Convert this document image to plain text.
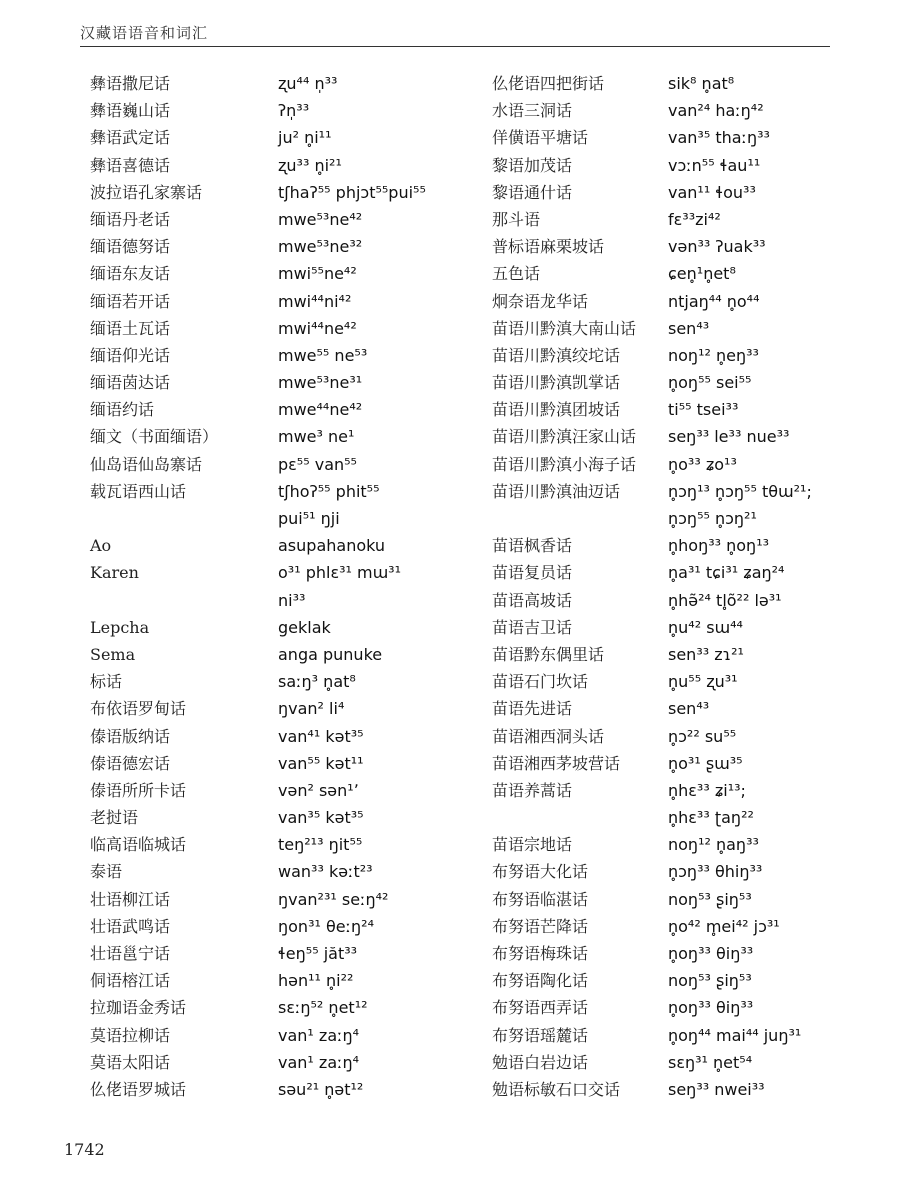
汉藏语语音和词汇
彝语撒尼话	ʐu⁴⁴ n̩³³
彝语巍山话	ʔn̩³³
彝语武定话	ju² n̥i¹¹
彝语喜德话	ʐu³³ n̥i²¹
波拉语孔家寨话	tʃhaʔ⁵⁵ phjɔt⁵⁵pui⁵⁵
缅语丹老话	mwe⁵³ne⁴²
缅语德努话	mwe⁵³ne³²
缅语东友话	mwi⁵⁵ne⁴²
缅语若开话	mwi⁴⁴ni⁴²
缅语土瓦话	mwi⁴⁴ne⁴²
缅语仰光话	mwe⁵⁵ ne⁵³
缅语茵达话	mwe⁵³ne³¹
缅语约话	mwe⁴⁴ne⁴²
缅文（书面缅语）	mwe³ ne¹
仙岛语仙岛寨话	pɛ⁵⁵ van⁵⁵
载瓦语西山话	tʃhoʔ⁵⁵ phit⁵⁵
pui⁵¹ ŋji
Ao	asupahanoku
Karen	o³¹ phlɛ³¹ mɯ³¹
ni³³
Lepcha	geklak
Sema	anga punuke
标话	saːŋ³ n̥at⁸
布依语罗甸话	ŋvan² li⁴
傣语版纳话	van⁴¹ kət³⁵
傣语德宏话	van⁵⁵ kət¹¹
傣语所所卡话	vən² sən¹ʼ
老挝语	van³⁵ kət³⁵
临高语临城话	teŋ²¹³ ŋit⁵⁵
泰语	wan³³ kəːt²³
壮语柳江话	ŋvan²³¹ seːŋ⁴²
壮语武鸣话	ŋon³¹ θeːŋ²⁴
壮语邕宁话	ɬeŋ⁵⁵ jăt³³
侗语榕江话	hən¹¹ n̥i²²
拉珈语金秀话	sɛːŋ⁵² n̥et¹²
莫语拉柳话	van¹ zaːŋ⁴
莫语太阳话	van¹ zaːŋ⁴
仫佬语罗城话	səu²¹ n̥ət¹²
仫佬语四把街话	sik⁸ n̥at⁸
水语三洞话	van²⁴ haːŋ⁴²
佯僙语平塘话	van³⁵ thaːŋ³³
黎语加茂话	vɔːn⁵⁵ ɬau¹¹
黎语通什话	van¹¹ ɬou³³
那斗语	fɛ³³zi⁴²
普标语麻栗坡话	vən³³ ʔuak³³
五色话	ɕen̥¹n̥et⁸
炯奈语龙华话	ntjaŋ⁴⁴ n̥o⁴⁴
苗语川黔滇大南山话	sen⁴³
苗语川黔滇绞坨话	noŋ¹² n̥eŋ³³
苗语川黔滇凯掌话	n̥oŋ⁵⁵ sei⁵⁵
苗语川黔滇团坡话	ti⁵⁵ tsei³³
苗语川黔滇汪家山话	seŋ³³ le³³ nue³³
苗语川黔滇小海子话	n̥o³³ ʑo¹³
苗语川黔滇油迈话	n̥ɔŋ¹³ n̥ɔŋ⁵⁵ tθɯ²¹;
n̥ɔŋ⁵⁵ n̥ɔŋ²¹
苗语枫香话	n̥hoŋ³³ n̥oŋ¹³
苗语复员话	n̥a³¹ tɕi³¹ ʑaŋ²⁴
苗语高坡话	n̥hə̃²⁴ tl̥õ²² lə³¹
苗语吉卫话	n̥u⁴² sɯ⁴⁴
苗语黔东偶里话	sen³³ zɿ²¹
苗语石门坎话	n̥u⁵⁵ ʐu³¹
苗语先进话	sen⁴³
苗语湘西洞头话	n̥ɔ²² su⁵⁵
苗语湘西茅坡营话	n̥o³¹ ʂɯ³⁵
苗语养蒿话	n̥hɛ³³ ʑi¹³;
n̥hɛ³³ ʈaŋ²²
苗语宗地话	noŋ¹² n̥aŋ³³
布努语大化话	n̥ɔŋ³³ θhiŋ³³
布努语临湛话	noŋ⁵³ ʂiŋ⁵³
布努语芒降话	n̥o⁴² m̥ei⁴² jɔ³¹
布努语梅珠话	n̥oŋ³³ θiŋ³³
布努语陶化话	noŋ⁵³ ʂiŋ⁵³
布努语西弄话	n̥oŋ³³ θiŋ³³
布努语瑶麓话	n̥oŋ⁴⁴ mai⁴⁴ juŋ³¹
勉语白岩边话	sɛŋ³¹ n̥et⁵⁴
勉语标敏石口交话	seŋ³³ nwei³³
1742
